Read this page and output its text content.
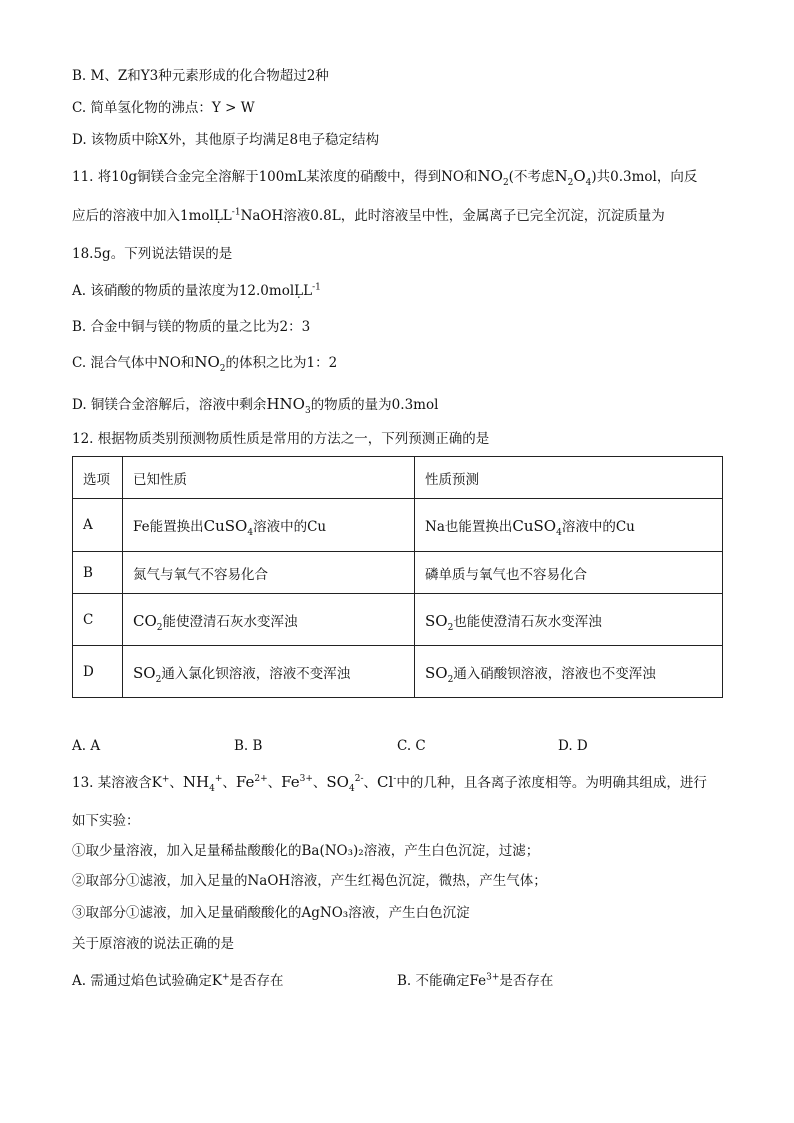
B. M、Z和Y3种元素形成的化合物超过2种
C. 简单氢化物的沸点：Y > W
D. 该物质中除X外，其他原子均满足8电子稳定结构
11. 将10g铜镁合金完全溶解于100mL某浓度的硝酸中，得到NO和$NO_2$(不考虑$N_2O_4$)共0.3mol，向反
应后的溶液中加入1molḶL$^{-1}$NaOH溶液0.8L，此时溶液呈中性，金属离子已完全沉淀，沉淀质量为
18.5g。下列说法错误的是
A. 该硝酸的物质的量浓度为12.0molḶL$^{-1}$
B. 合金中铜与镁的物质的量之比为2：3
C. 混合气体中NO和$NO_2$的体积之比为1：2
D. 铜镁合金溶解后，溶液中剩余$HNO_3$的物质的量为0.3mol
12. 根据物质类别预测物质性质是常用的方法之一，下列预测正确的是
选项	已知性质	性质预测
A	Fe能置换出CuSO$_4$溶液中的Cu	Na也能置换出CuSO$_4$溶液中的Cu
B	氮气与氧气不容易化合	磷单质与氧气也不容易化合
C	$CO_2$能使澄清石灰水变浑浊	$SO_2$也能使澄清石灰水变浑浊
D	$SO_2$通入氯化钡溶液，溶液不变浑浊	$SO_2$通入硝酸钡溶液，溶液也不变浑浊
A. A	B. B	C. C	D. D
13. 某溶液含K+、$NH_4^+$、$Fe^{2+}$、$Fe^{3+}$、$SO_4^{2-}$、Cl-中的几种，且各离子浓度相等。为明确其组成，进行
如下实验：
①取少量溶液，加入足量稀盐酸酸化的Ba(NO₃)₂溶液，产生白色沉淀，过滤；
②取部分①滤液，加入足量的NaOH溶液，产生红褐色沉淀，微热，产生气体；
③取部分①滤液，加入足量硝酸酸化的AgNO₃溶液，产生白色沉淀
关于原溶液的说法正确的是
A. 需通过焰色试验确定K+是否存在	B. 不能确定$Fe^{3+}$是否存在
